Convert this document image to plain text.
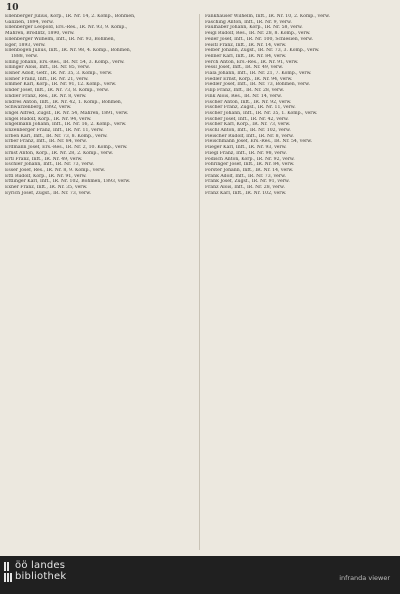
10
Ellenberger Julius, Korp., IR. Nr. 14, 2. Komp., Böhmen,
Galizien, 1894, verw.
Ellenberger Leopold, Ers.-Res., IR. Nr. 93, 9. Komp.,
Mähren, Brodlitz, 1890, verw.
Ellenberger Wilhelm, Inft., IR. Nr. 93, Böhmen,
Eger, 1893, verw.
Ellenbogen Julius, Inft., IR. Nr. 98, 4. Komp., Böhmen,
1888, verw.
Elling Johann, Ers.-Res., IR. Nr. 54, 3. Komp., verw.
Ellinger Alois, Inft., IR. Nr. 85, verw.
Elsner Adolf, Gefr., IR. Nr. 35, 3. Komp., verw.
Elsner Franz, Inft., IR. Nr. 21, verw.
Emmer Karl, Korp., IR. Nr. 91, 12. Komp., verw.
Ender Josef, Inft., IR. Nr. 73, 8. Komp., verw.
Endler Franz, Res., IR. Nr. 8, verw.
Endres Anton, Inft., IR. Nr. 42, 1. Komp., Böhmen,
Schwarzenberg, 1892, verw.
Engel Alfred, Zugsf., IR. Nr. 54, Mähren, 1891, verw.
Engel Rudolf, Korp., IR. Nr. 94, verw.
Engelmann Johann, Inft., IR. Nr. 16, 2. Komp., verw.
Enzenberger Franz, Inft., IR. Nr. 11, verw.
Erben Karl, Inft., IR. Nr. 73, 8. Komp., verw.
Erber Franz, Inft., IR. Nr. 84, verw.
Erdmann Josef, Ers.-Res., IR. Nr. 2, 10. Komp., verw.
Ernst Anton, Korp., IR. Nr. 28, 2. Komp., verw.
Ertl Franz, Inft., IR. Nr. 49, verw.
Eschler Johann, Inft., IR. Nr. 73, verw.
Esser Josef, Res., IR. Nr. 8, 9. Komp., verw.
Ettl Rudolf, Korp., IR. Nr. 91, verw.
Ettlinger Karl, Inft., IR. Nr. 102, Böhmen, 1893, verw.
Exner Franz, Inft., IR. Nr. 35, verw.
Eyrich Josef, Zugsf., IR. Nr. 73, verw.
Fankhauser Wilhelm, Inft., IR. Nr. 10, 2. Komp., verw.
Fasching Anton, Inft., IR. Nr. 9, verw.
Faulhaber Johann, Korp., IR. Nr. 58, verw.
Feigl Rudolf, Res., IR. Nr. 28, 8. Komp., verw.
Feiler Josef, Inft., IR. Nr. 100, Schlesien, verw.
Feistl Franz, Inft., IR. Nr. 14, verw.
Felber Johann, Zugsf., IR. Nr. 73, 3. Komp., verw.
Fellner Karl, Inft., IR. Nr. 84, verw.
Ferch Anton, Ers.-Res., IR. Nr. 91, verw.
Fessl Josef, Inft., IR. Nr. 49, verw.
Fiala Johann, Inft., IR. Nr. 21, 7. Komp., verw.
Fiedler Ernst, Korp., IR. Nr. 94, verw.
Fiedler Josef, Inft., IR. Nr. 73, Böhmen, verw.
Filip Franz, Inft., IR. Nr. 28, verw.
Fink Alois, Res., IR. Nr. 14, verw.
Fischer Anton, Inft., IR. Nr. 92, verw.
Fischer Franz, Zugsf., IR. Nr. 11, verw.
Fischer Johann, Inft., IR. Nr. 35, 1. Komp., verw.
Fischer Josef, Inft., IR. Nr. 42, verw.
Fischer Karl, Korp., IR. Nr. 73, verw.
Fischl Anton, Inft., IR. Nr. 102, verw.
Fleischer Rudolf, Inft., IR. Nr. 8, verw.
Fleischmann Josef, Ers.-Res., IR. Nr. 54, verw.
Flieger Karl, Inft., IR. Nr. 93, verw.
Fliegl Franz, Inft., IR. Nr. 98, verw.
Födisch Anton, Korp., IR. Nr. 92, verw.
Fohringer Josef, Inft., IR. Nr. 84, verw.
Forster Johann, Inft., IR. Nr. 14, verw.
Frank Adolf, Inft., IR. Nr. 73, verw.
Frank Josef, Zugsf., IR. Nr. 91, verw.
Franz Alois, Inft., IR. Nr. 28, verw.
Franz Karl, Inft., IR. Nr. 102, verw.
öö landes
bibliothek	infranda viewer
